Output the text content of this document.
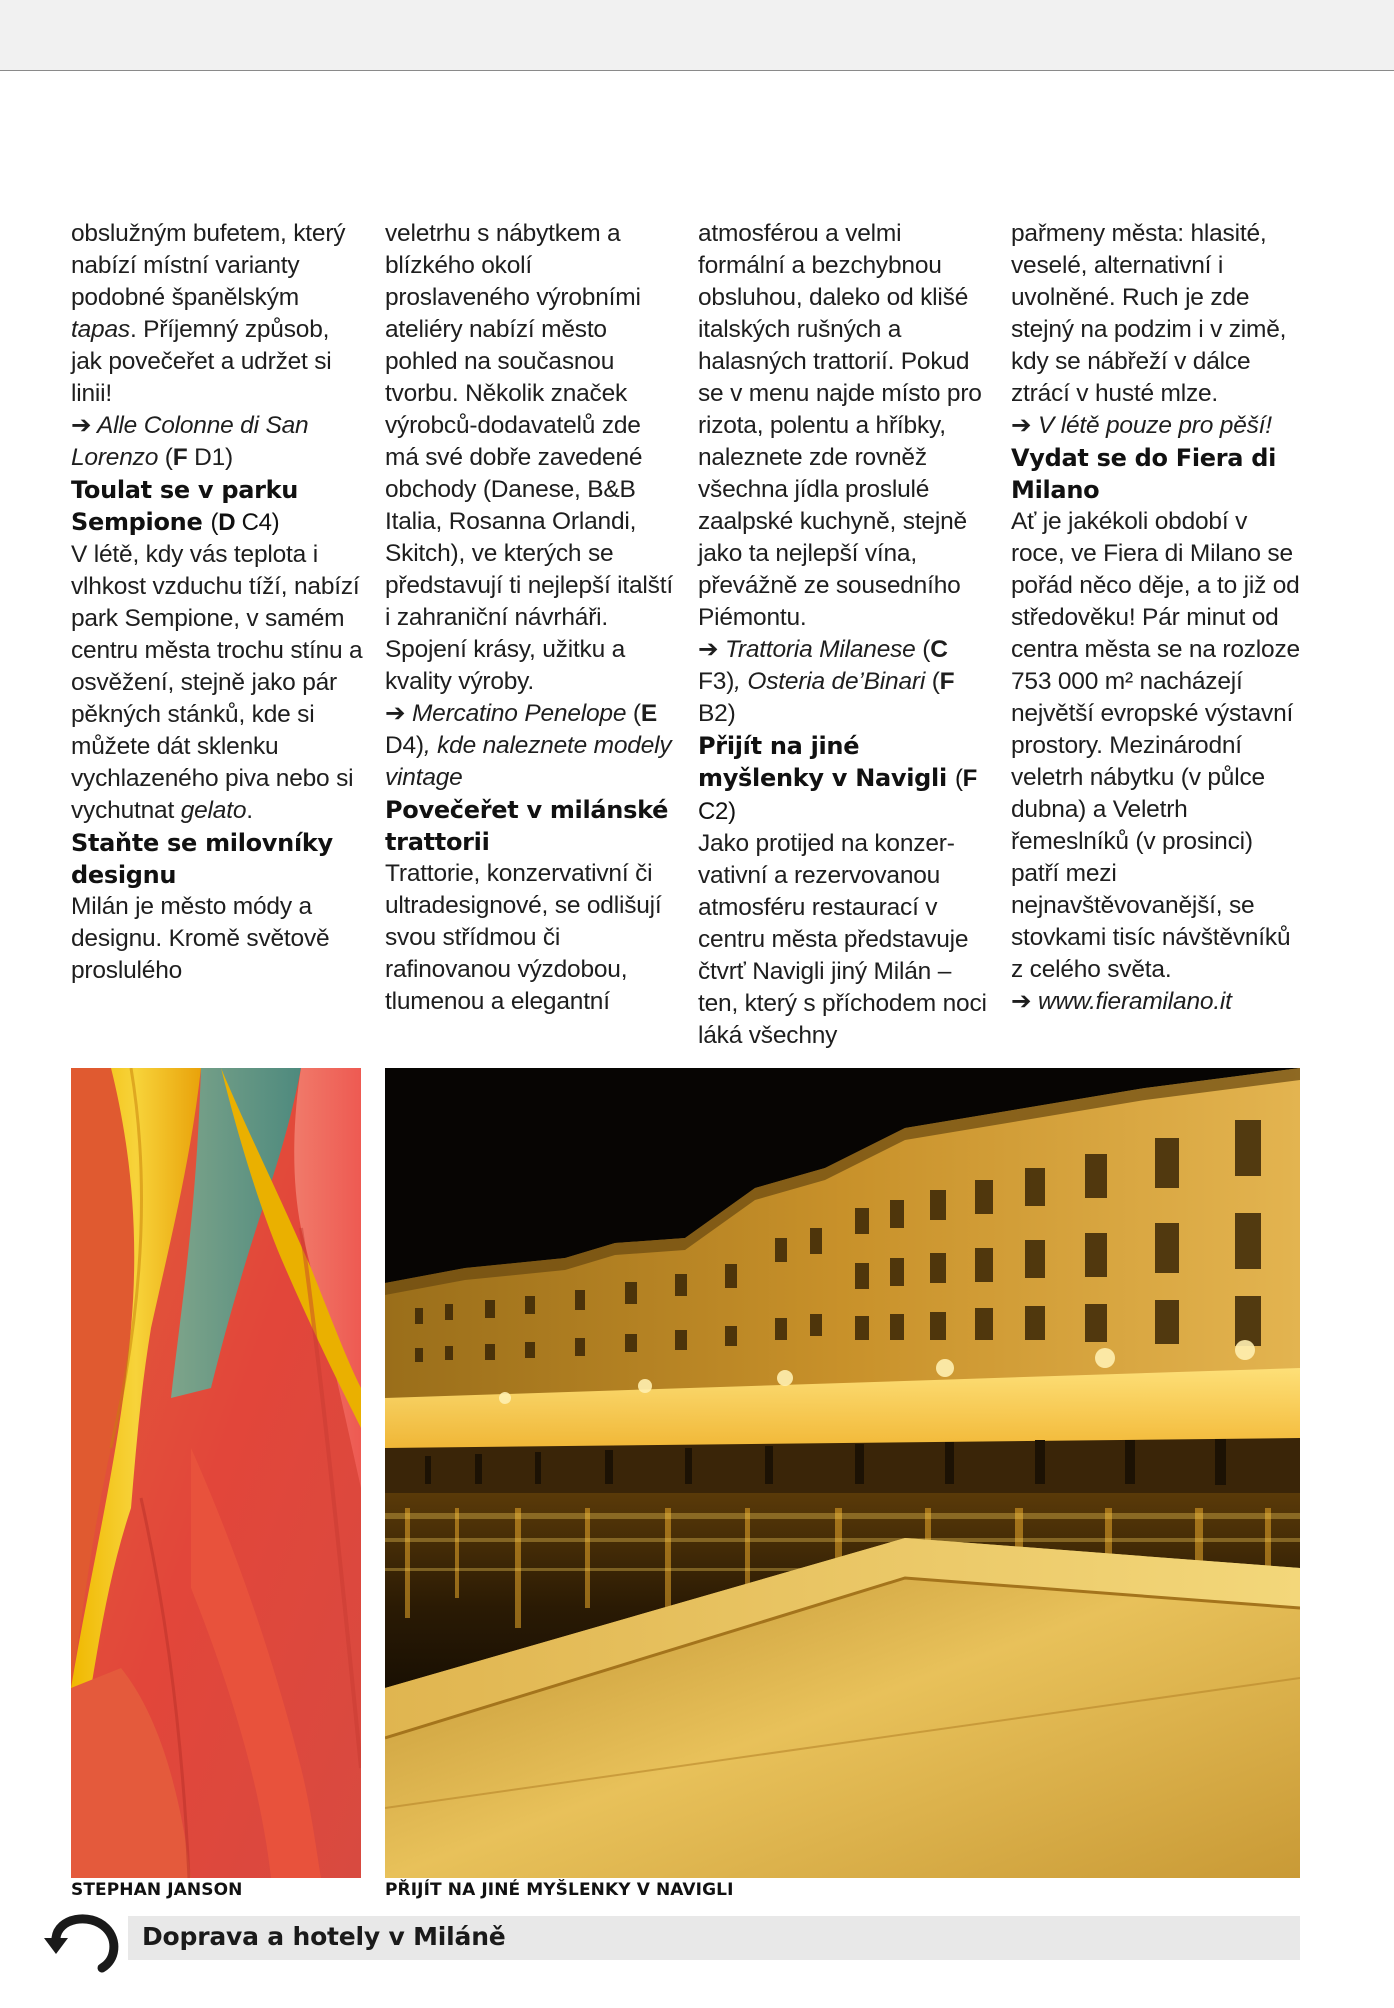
obslužným bufetem, který nabízí místní varianty podobné španělským tapas. Příjemný způsob, jak povečeřet a udržet si linii!

➔ Alle Colonne di San Lorenzo (F D1)

Toulat se v parku Sempione (D C4)

V létě, kdy vás teplota i vlhkost vzduchu tíží, nabízí park Sempione, v samém centru města trochu stínu a osvěžení, stejně jako pár pěkných stánků, kde si můžete dát sklenku vychlazeného piva nebo si vychutnat gelato.

Staňte se milovníky designu

Milán je město módy a designu. Kromě světově proslulého

veletrhu s nábytkem a blízkého okolí proslaveného výrobními ateliéry nabízí město pohled na současnou tvorbu. Několik značek výrobců-dodavatelů zde má své dobře zavedené obchody (Danese, B&B Italia, Rosanna Orlandi, Skitch), ve kterých se představují ti nejlepší italští i zahraniční návrháři. Spojení krásy, užitku a kvality výroby.

➔ Mercatino Penelope (E D4), kde naleznete modely vintage

Povečeřet v milánské trattorii

Trattorie, konzervativní či ultradesignové, se odlišují svou střídmou či rafinovanou výzdobou, tlumenou a elegantní

atmosférou a velmi formální a bezchybnou obsluhou, daleko od klišé italských rušných a halasných trattorií. Pokud se v menu najde místo pro rizota, polentu a hříbky, naleznete zde rovněž všechna jídla proslulé zaalpské kuchyně, stejně jako ta nejlepší vína, převážně ze sousedního Piémontu.

➔ Trattoria Milanese (C F3), Osteria de’Binari (F B2)

Přijít na jiné myšlenky v Navigli (F C2)

Jako protijed na konzervativní a rezervovanou atmosféru restaurací v centru města představuje čtvrť Navigli jiný Milán – ten, který s příchodem noci láká všechny

pařmeny města: hlasité, veselé, alternativní i uvolněné. Ruch je zde stejný na podzim i v zimě, kdy se nábřeží v dálce ztrácí v husté mlze.

➔ V létě pouze pro pěší!

Vydat se do Fiera di Milano

Ať je jakékoli období v roce, ve Fiera di Milano se pořád něco děje, a to již od středověku! Pár minut od centra města se na rozloze 753 000 m² nacházejí největší evropské výstavní prostory. Mezinárodní veletrh nábytku (v půlce dubna) a Veletrh řemeslníků (v prosinci) patří mezi nejnavštěvovanější, se stovkami tisíc návštěvníků z celého světa.

➔ www.fieramilano.it

STEPHAN JANSON	PŘIJÍT NA JINÉ MYŠLENKY V NAVIGLI
Doprava a hotely v Miláně
